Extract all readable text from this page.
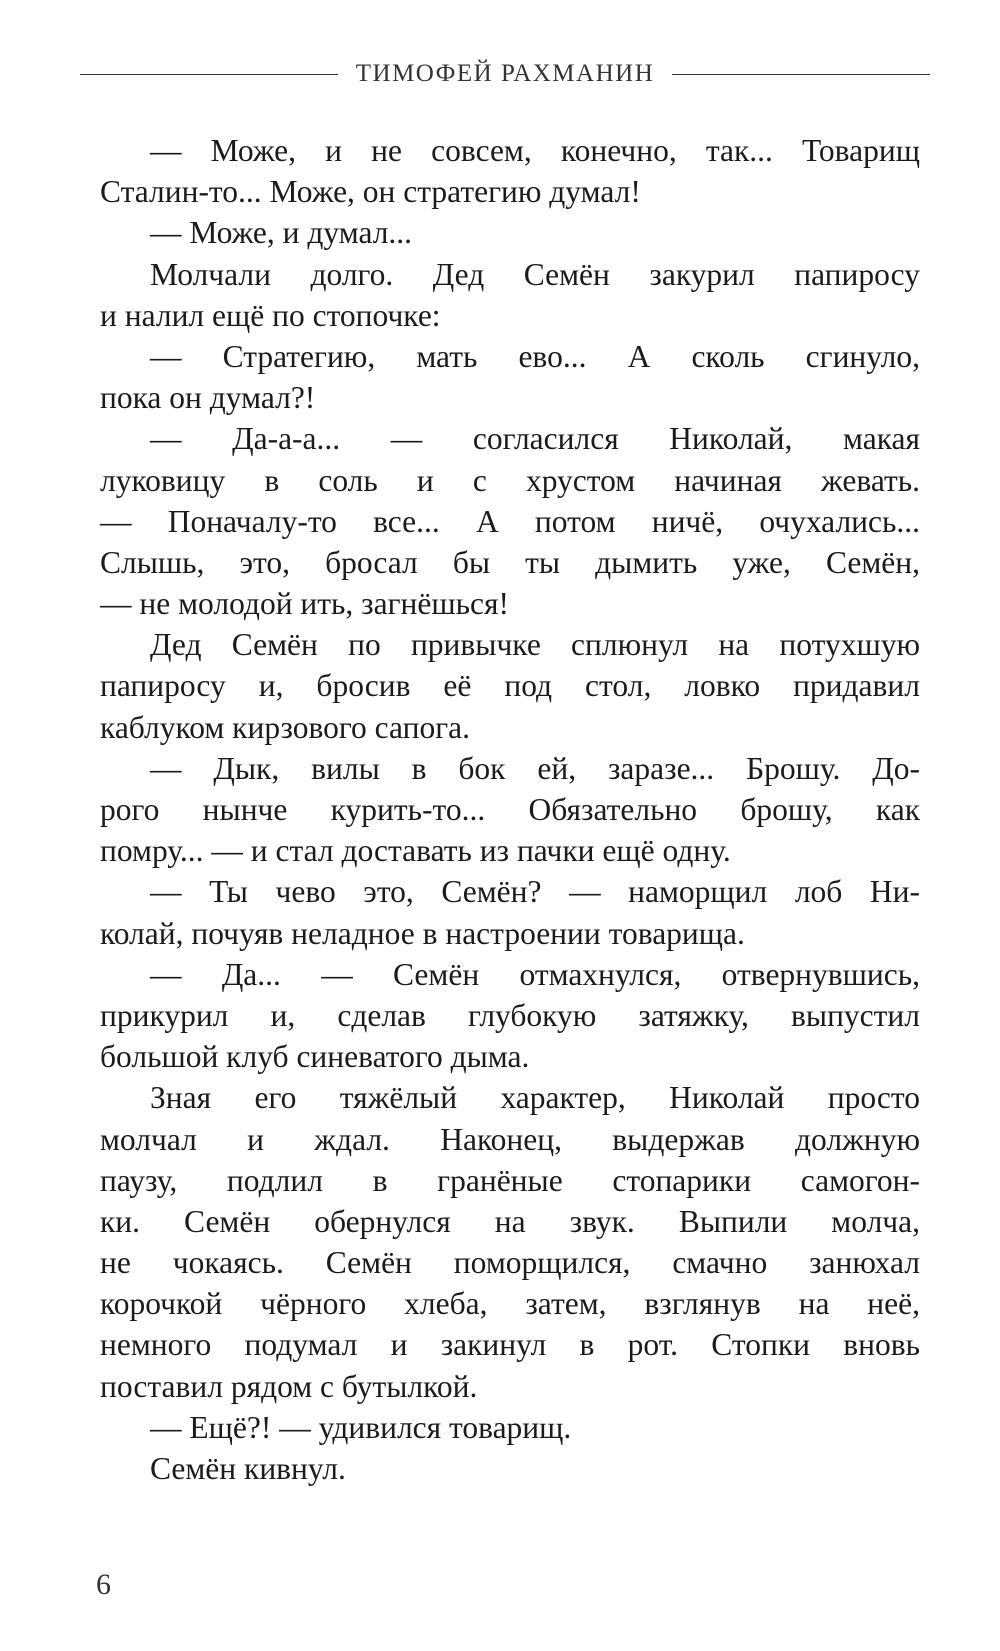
ТИМОФЕЙ РАХМАНИН
— Може, и не совсем, конечно, так... Товарищ
Сталин-то... Може, он стратегию думал!
— Може, и думал...
Молчали долго. Дед Семён закурил папиросу
и налил ещё по стопочке:
— Стратегию, мать ево... А сколь сгинуло,
пока он думал?!
— Да-а-а... — согласился Николай, макая
луковицу в соль и с хрустом начиная жевать.
— Поначалу-то все... А потом ничё, очухались...
Слышь, это, бросал бы ты дымить уже, Семён,
— не молодой ить, загнёшься!
Дед Семён по привычке сплюнул на потухшую
папиросу и, бросив её под стол, ловко придавил
каблуком кирзового сапога.
— Дык, вилы в бок ей, заразе... Брошу. До-
рого нынче курить-то... Обязательно брошу, как
помру... — и стал доставать из пачки ещё одну.
— Ты чево это, Семён? — наморщил лоб Ни-
колай, почуяв неладное в настроении товарища.
— Да... — Семён отмахнулся, отвернувшись,
прикурил и, сделав глубокую затяжку, выпустил
большой клуб синеватого дыма.
Зная его тяжёлый характер, Николай просто
молчал и ждал. Наконец, выдержав должную
паузу, подлил в гранёные стопарики самогон-
ки. Семён обернулся на звук. Выпили молча,
не чокаясь. Семён поморщился, смачно занюхал
корочкой чёрного хлеба, затем, взглянув на неё,
немного подумал и закинул в рот. Стопки вновь
поставил рядом с бутылкой.
— Ещё?! — удивился товарищ.
Семён кивнул.
6
